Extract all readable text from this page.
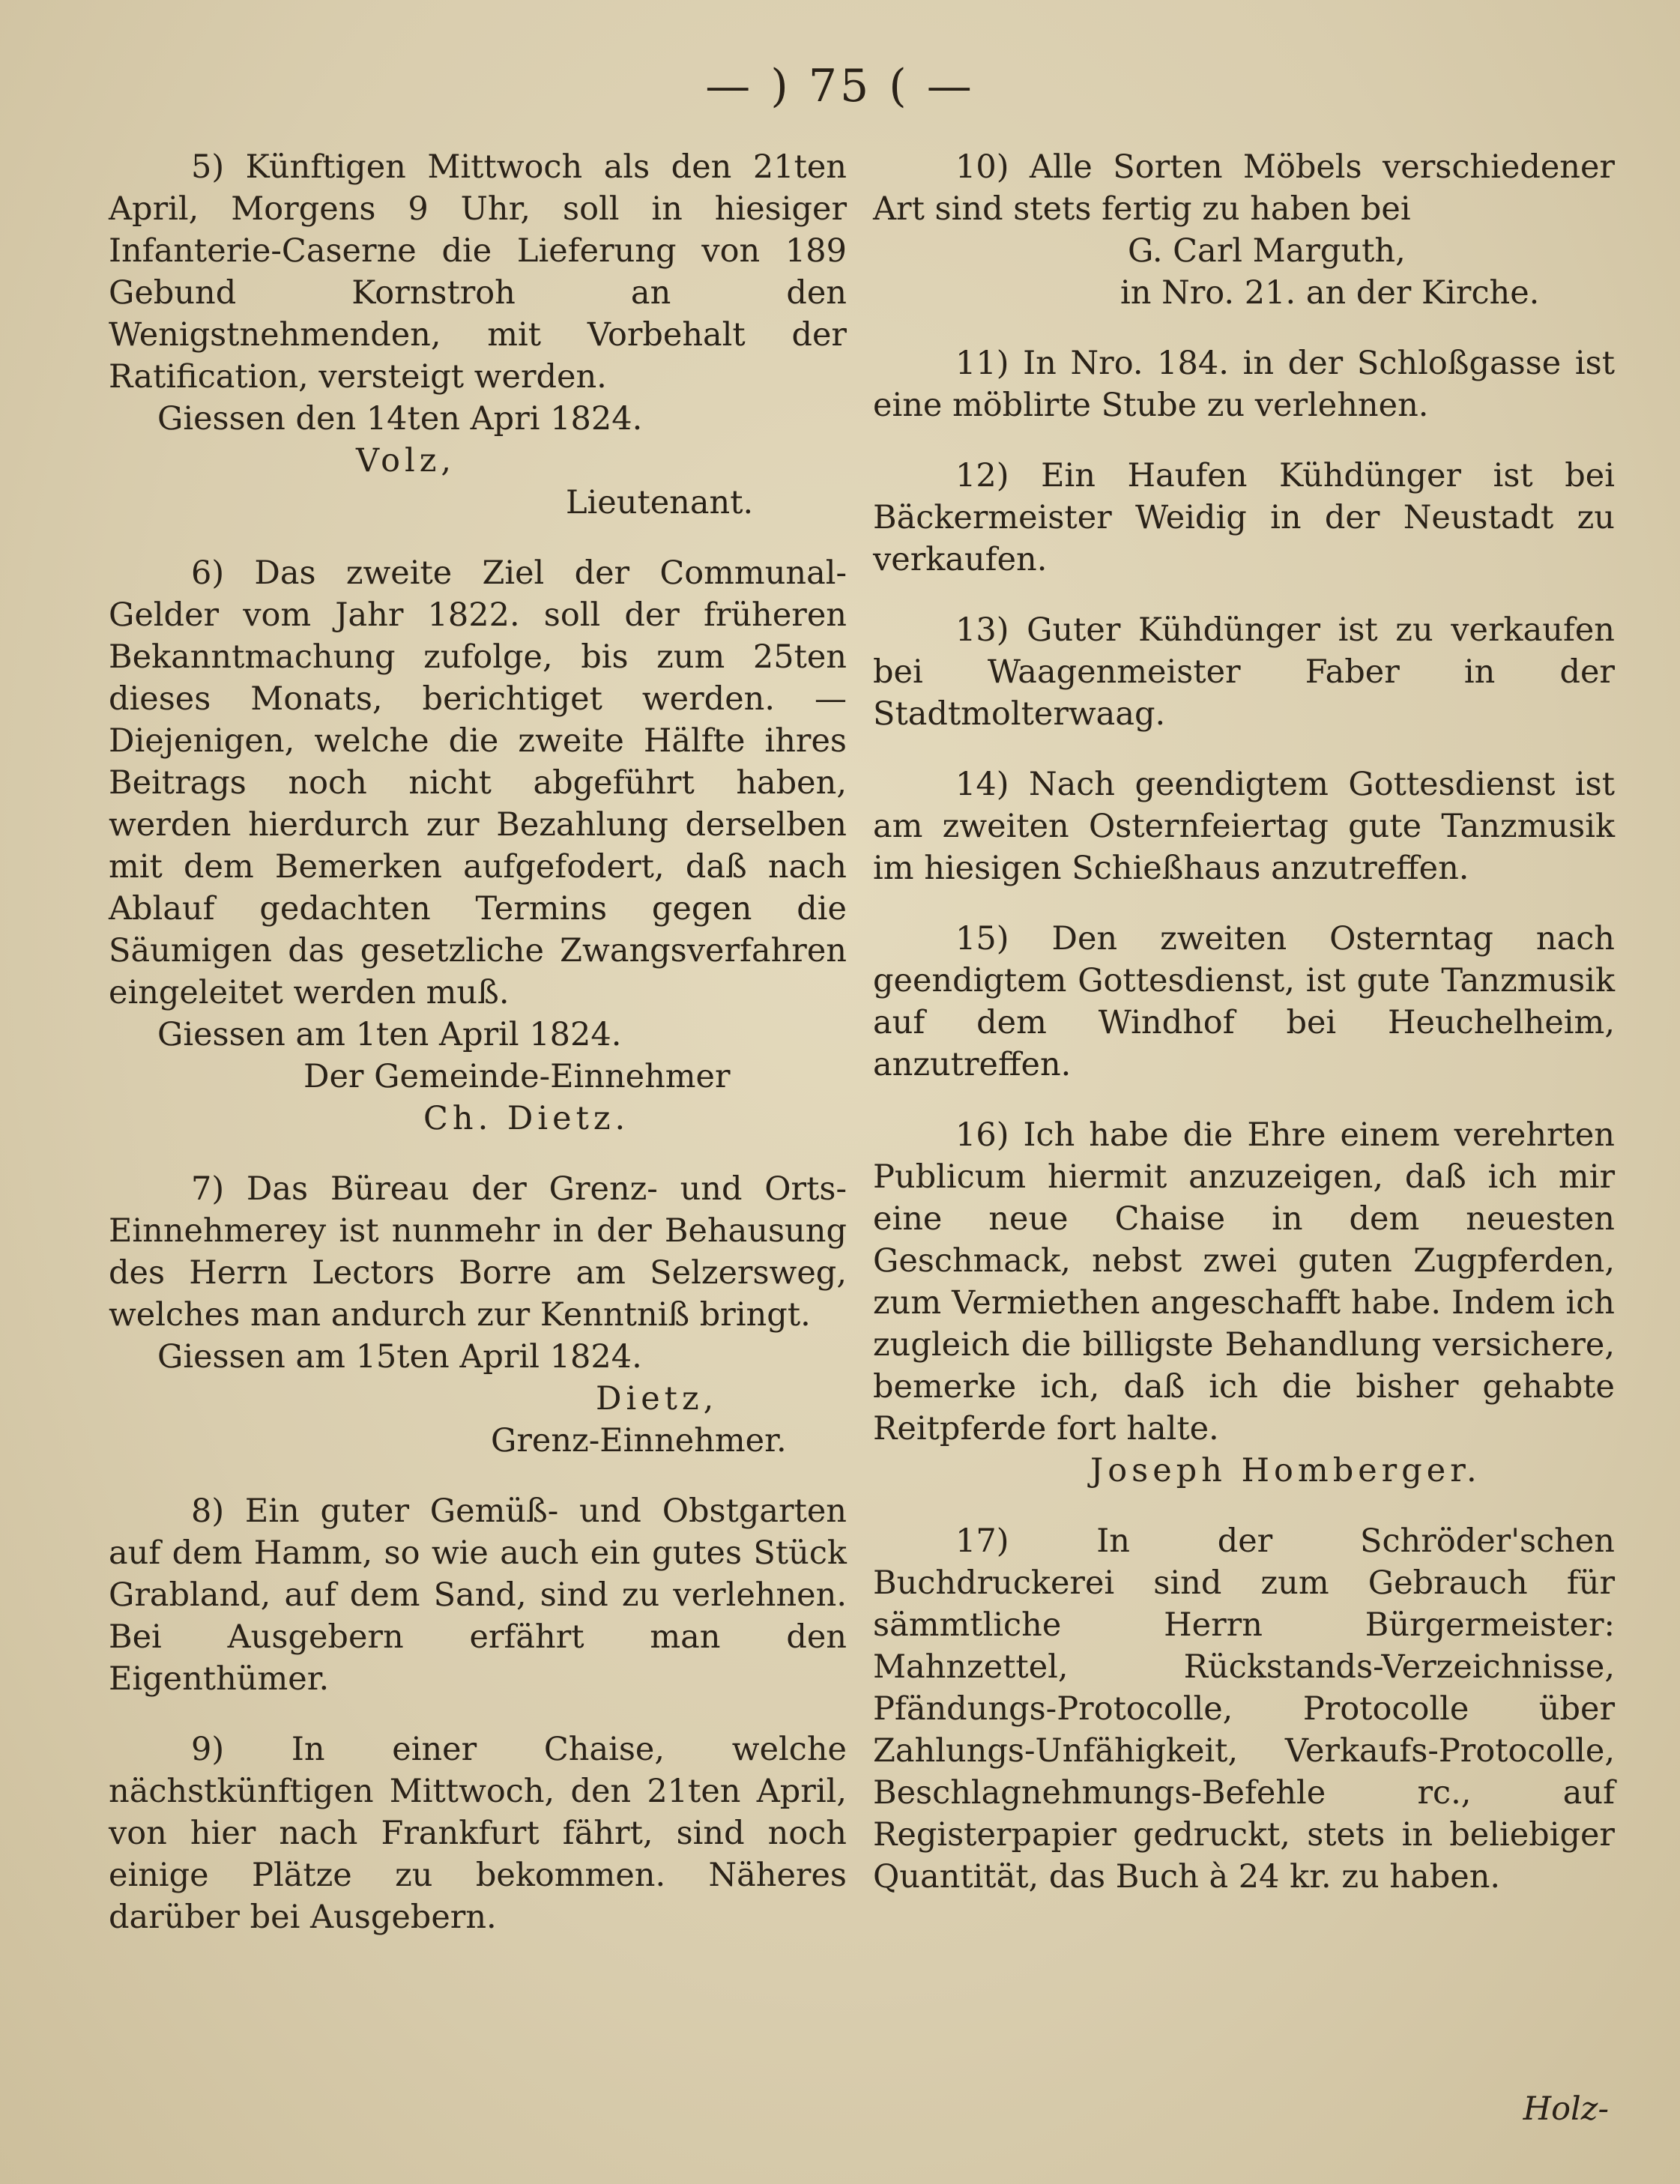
— ) 75 ( —

5) Künftigen Mittwoch als den 21ten April, Morgens 9 Uhr, soll in hiesiger Infanterie-Caserne die Lieferung von 189 Gebund Kornstroh an den Wenigstnehmenden, mit Vorbehalt der Ratification, versteigt werden.

Giessen den 14ten Apri 1824.
Volz,
Lieutenant.

6) Das zweite Ziel der Communal-Gelder vom Jahr 1822. soll der früheren Bekanntmachung zufolge, bis zum 25ten dieses Monats, berichtiget werden. — Diejenigen, welche die zweite Hälfte ihres Beitrags noch nicht abgeführt haben, werden hierdurch zur Bezahlung derselben mit dem Bemerken aufgefodert, daß nach Ablauf gedachten Termins gegen die Säumigen das gesetzliche Zwangsverfahren eingeleitet werden muß.

Giessen am 1ten April 1824.
Der Gemeinde-Einnehmer
Ch. Dietz.

7) Das Büreau der Grenz- und Orts-Einnehmerey ist nunmehr in der Behausung des Herrn Lectors Borre am Selzersweg, welches man andurch zur Kenntniß bringt.

Giessen am 15ten April 1824.
Dietz,
Grenz-Einnehmer.

8) Ein guter Gemüß- und Obstgarten auf dem Hamm, so wie auch ein gutes Stück Grabland, auf dem Sand, sind zu verlehnen. Bei Ausgebern erfährt man den Eigenthümer.

9) In einer Chaise, welche nächstkünftigen Mittwoch, den 21ten April, von hier nach Frankfurt fährt, sind noch einige Plätze zu bekommen. Näheres darüber bei Ausgebern.

10) Alle Sorten Möbels verschiedener Art sind stets fertig zu haben bei

G. Carl Marguth,
in Nro. 21. an der Kirche.

11) In Nro. 184. in der Schloßgasse ist eine möblirte Stube zu verlehnen.

12) Ein Haufen Kühdünger ist bei Bäckermeister Weidig in der Neustadt zu verkaufen.

13) Guter Kühdünger ist zu verkaufen bei Waagenmeister Faber in der Stadtmolterwaag.

14) Nach geendigtem Gottesdienst ist am zweiten Osternfeiertag gute Tanzmusik im hiesigen Schießhaus anzutreffen.

15) Den zweiten Osterntag nach geendigtem Gottesdienst, ist gute Tanzmusik auf dem Windhof bei Heuchelheim, anzutreffen.

16) Ich habe die Ehre einem verehrten Publicum hiermit anzuzeigen, daß ich mir eine neue Chaise in dem neuesten Geschmack, nebst zwei guten Zugpferden, zum Vermiethen angeschafft habe. Indem ich zugleich die billigste Behandlung versichere, bemerke ich, daß ich die bisher gehabte Reitpferde fort halte.

Joseph Homberger.

17) In der Schröder'schen Buchdruckerei sind zum Gebrauch für sämmtliche Herrn Bürgermeister: Mahnzettel, Rückstands-Verzeichnisse, Pfändungs-Protocolle, Protocolle über Zahlungs-Unfähigkeit, Verkaufs-Protocolle, Beschlagnehmungs-Befehle rc., auf Registerpapier gedruckt, stets in beliebiger Quantität, das Buch à 24 kr. zu haben.

Holz-
